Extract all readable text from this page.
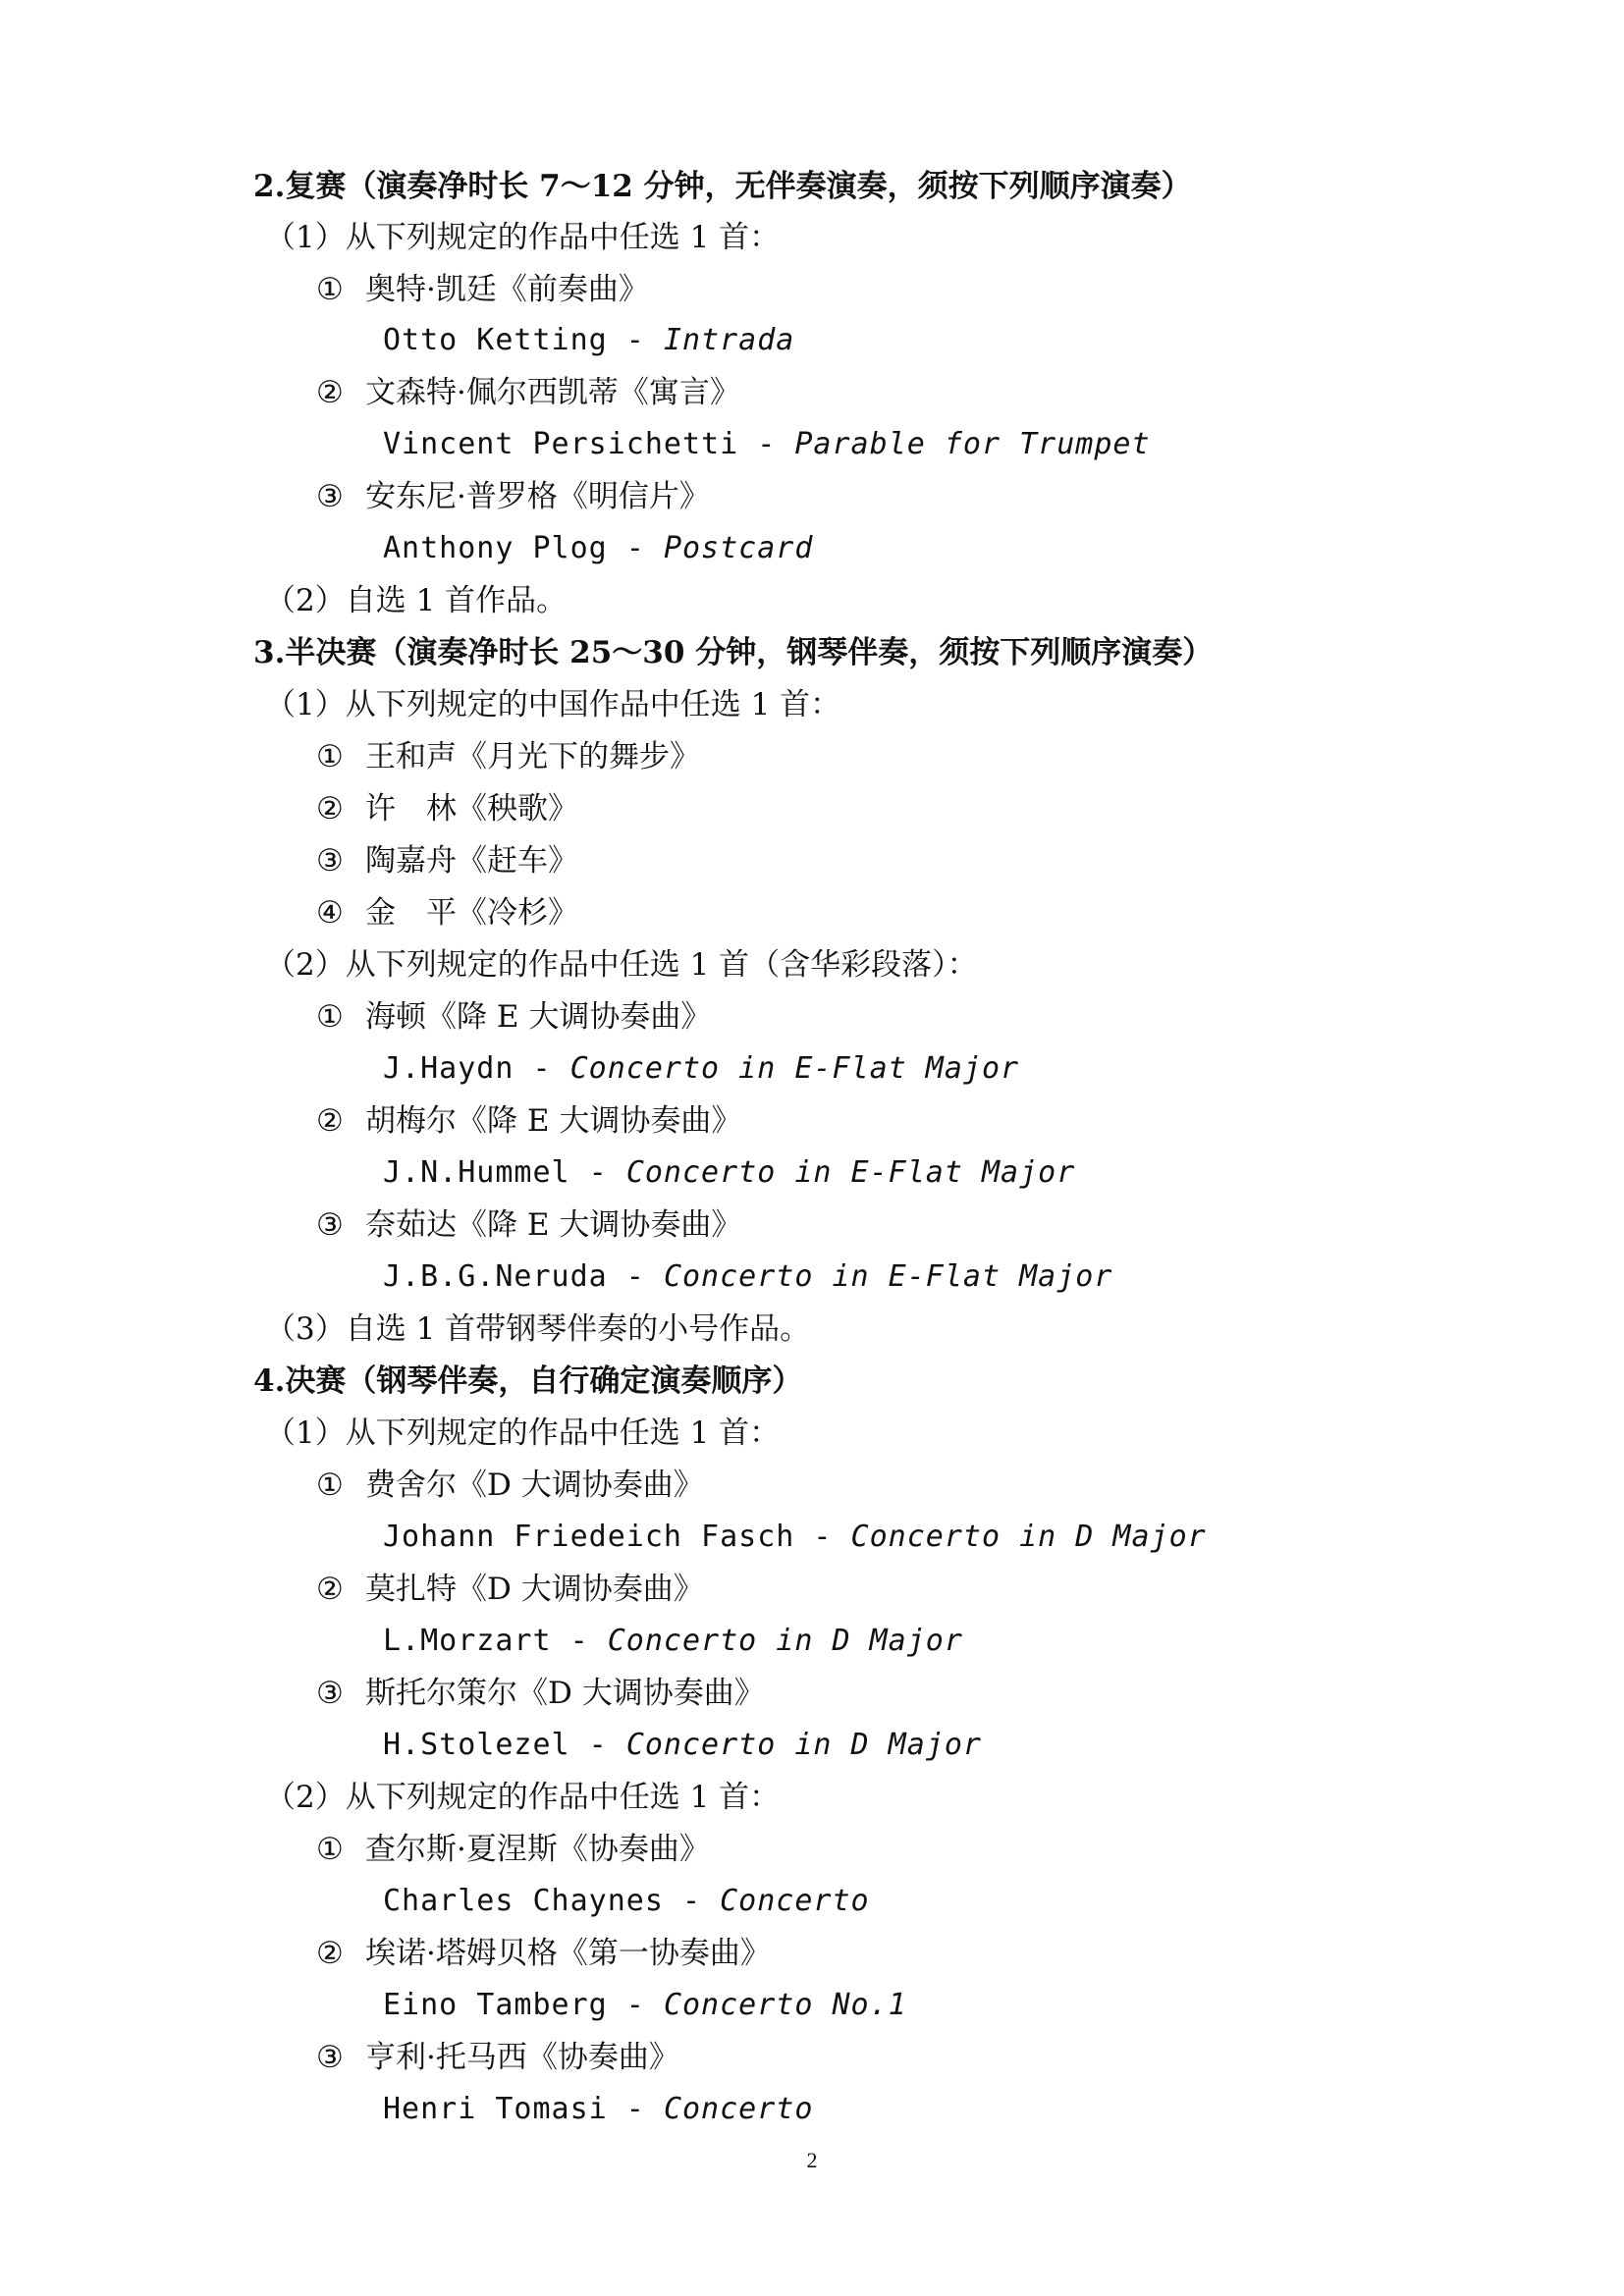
2.复赛（演奏净时长 7～12 分钟，无伴奏演奏，须按下列顺序演奏）
（1）从下列规定的作品中任选 1 首：
① 奥特·凯廷《前奏曲》
Otto Ketting - Intrada
② 文森特·佩尔西凯蒂《寓言》
Vincent Persichetti - Parable for Trumpet
③ 安东尼·普罗格《明信片》
Anthony Plog - Postcard
（2）自选 1 首作品。
3.半决赛（演奏净时长 25～30 分钟，钢琴伴奏，须按下列顺序演奏）
（1）从下列规定的中国作品中任选 1 首：
① 王和声《月光下的舞步》
② 许　林《秧歌》
③ 陶嘉舟《赶车》
④ 金　平《冷杉》
（2）从下列规定的作品中任选 1 首（含华彩段落）：
① 海顿《降 E 大调协奏曲》
J.Haydn - Concerto in E-Flat Major
② 胡梅尔《降 E 大调协奏曲》
J.N.Hummel - Concerto in E-Flat Major
③ 奈茹达《降 E 大调协奏曲》
J.B.G.Neruda - Concerto in E-Flat Major
（3）自选 1 首带钢琴伴奏的小号作品。
4.决赛（钢琴伴奏，自行确定演奏顺序）
（1）从下列规定的作品中任选 1 首：
① 费舍尔《D 大调协奏曲》
Johann Friedeich Fasch - Concerto in D Major
② 莫扎特《D 大调协奏曲》
L.Morzart - Concerto in D Major
③ 斯托尔策尔《D 大调协奏曲》
H.Stolezel - Concerto in D Major
（2）从下列规定的作品中任选 1 首：
① 查尔斯·夏涅斯《协奏曲》
Charles Chaynes - Concerto
② 埃诺·塔姆贝格《第一协奏曲》
Eino Tamberg - Concerto No.1
③ 亨利·托马西《协奏曲》
Henri Tomasi - Concerto
2
